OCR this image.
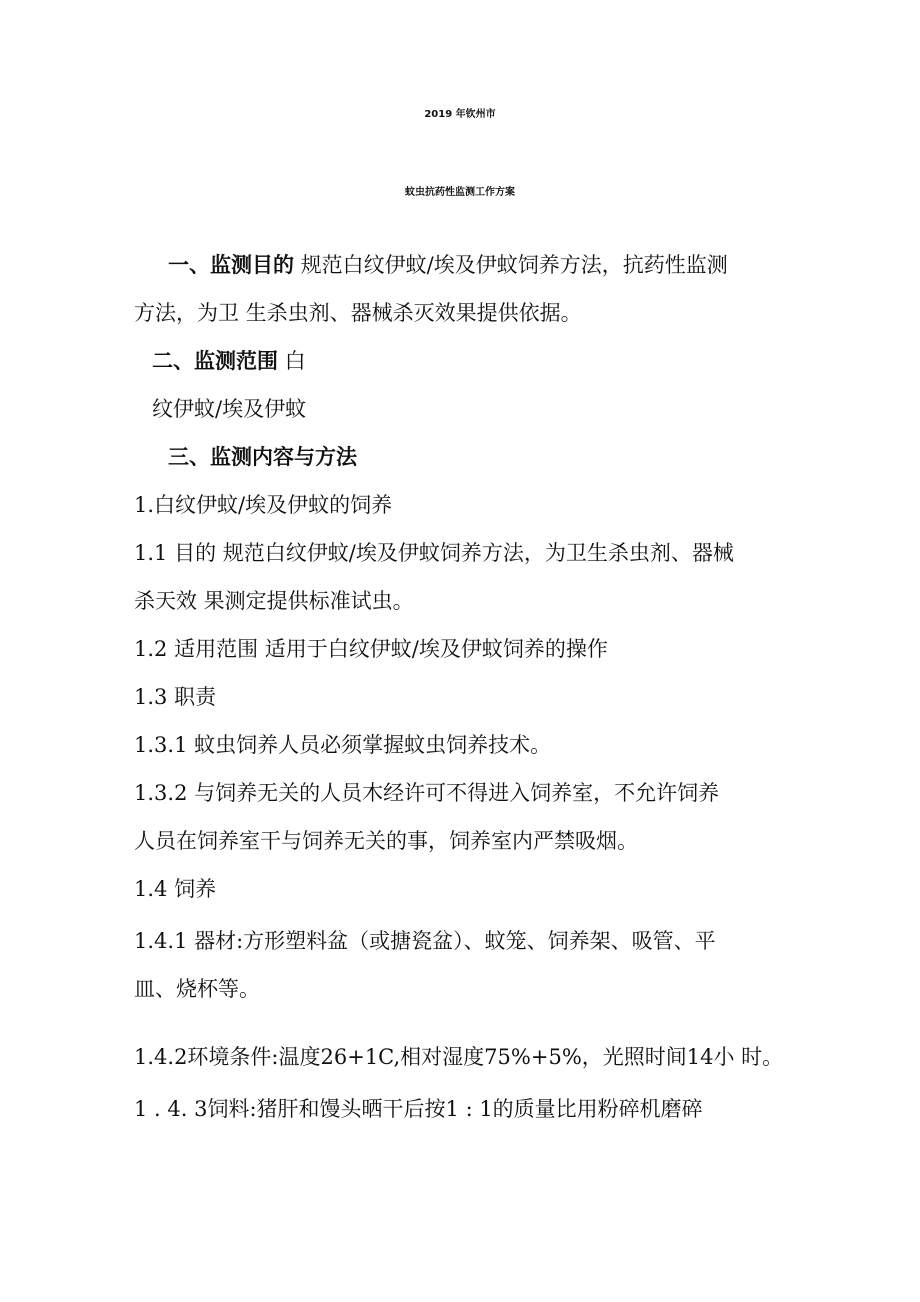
2019 年钦州市
蚊虫抗药性监测工作方案
一、监测目的 规范白纹伊蚊/埃及伊蚊饲养方法，抗药性监测
方法，为卫 生杀虫剂、器械杀灭效果提供依据。
二、监测范围 白
纹伊蚊/埃及伊蚊
三、监测内容与方法
1.白纹伊蚊/埃及伊蚊的饲养
1.1 目的 规范白纹伊蚊/埃及伊蚊饲养方法，为卫生杀虫剂、器械
杀天效 果测定提供标准试虫。
1.2 适用范围 适用于白纹伊蚊/埃及伊蚊饲养的操作
1.3 职责
1.3.1 蚊虫饲养人员必须掌握蚊虫饲养技术。
1.3.2 与饲养无关的人员木经许可不得进入饲养室，不允许饲养
人员在饲养室干与饲养无关的事，饲养室内严禁吸烟。
1.4 饲养
1.4.1 器材:方形塑料盆（或搪瓷盆）、蚊笼、饲养架、吸管、平
皿、烧杯等。
1.4.2环境条件:温度26+1C,相对湿度75%+5%，光照时间14小 时。
1 . 4. 3饲料:猪肝和馒头晒干后按1 : 1的质量比用粉碎机磨碎
